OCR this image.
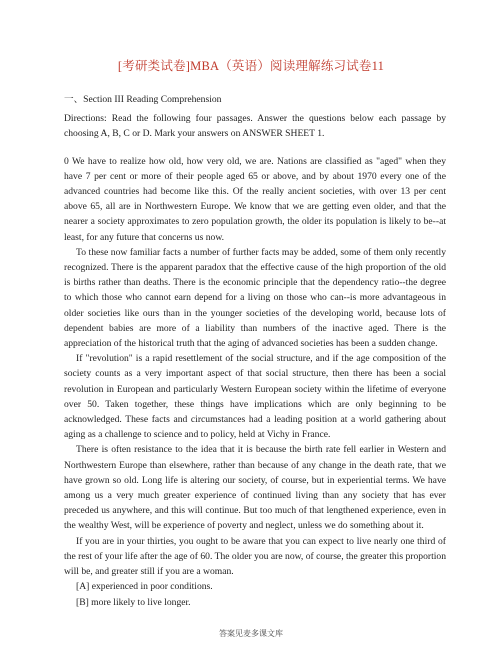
[考研类试卷]MBA（英语）阅读理解练习试卷11

一、Section III Reading Comprehension

Directions: Read the following four passages. Answer the questions below each passage by choosing A, B, C or D. Mark your answers on ANSWER SHEET 1.

0 We have to realize how old, how very old, we are. Nations are classified as "aged" when they have 7 per cent or more of their people aged 65 or above, and by about 1970 every one of the advanced countries had become like this. Of the really ancient societies, with over 13 per cent above 65, all are in Northwestern Europe. We know that we are getting even older, and that the nearer a society approximates to zero population growth, the older its population is likely to be--at least, for any future that concerns us now.

To these now familiar facts a number of further facts may be added, some of them only recently recognized. There is the apparent paradox that the effective cause of the high proportion of the old is births rather than deaths. There is the economic principle that the dependency ratio--the degree to which those who cannot earn depend for a living on those who can--is more advantageous in older societies like ours than in the younger societies of the developing world, because lots of dependent babies are more of a liability than numbers of the inactive aged. There is the appreciation of the historical truth that the aging of advanced societies has been a sudden change.

If "revolution" is a rapid resettlement of the social structure, and if the age composition of the society counts as a very important aspect of that social structure, then there has been a social revolution in European and particularly Western European society within the lifetime of everyone over 50. Taken together, these things have implications which are only beginning to be acknowledged. These facts and circumstances had a leading position at a world gathering about aging as a challenge to science and to policy, held at Vichy in France.

There is often resistance to the idea that it is because the birth rate fell earlier in Western and Northwestern Europe than elsewhere, rather than because of any change in the death rate, that we have grown so old. Long life is altering our society, of course, but in experiential terms. We have among us a very much greater experience of continued living than any society that has ever preceded us anywhere, and this will continue. But too much of that lengthened experience, even in the wealthy West, will be experience of poverty and neglect, unless we do something about it.

If you are in your thirties, you ought to be aware that you can expect to live nearly one third of the rest of your life after the age of 60. The older you are now, of course, the greater this proportion will be, and greater still if you are a woman.

[A] experienced in poor conditions.

[B] more likely to live longer.

答案见麦多课文库
